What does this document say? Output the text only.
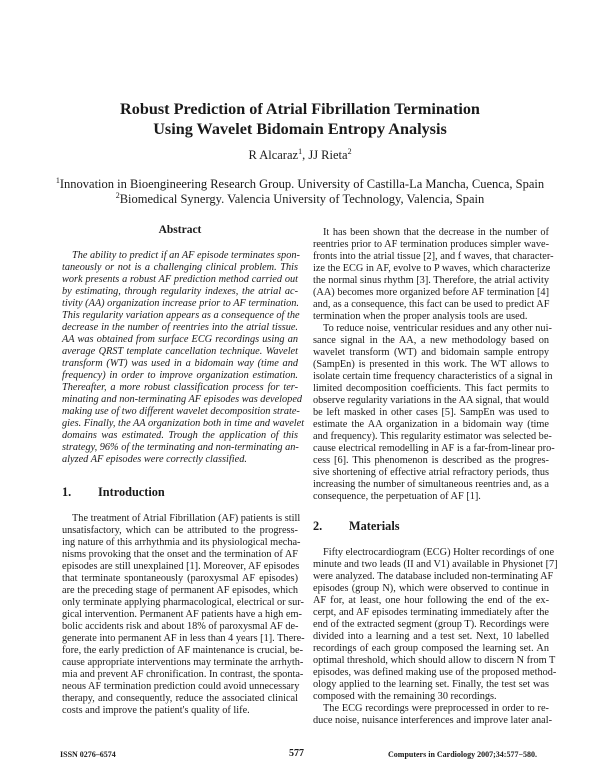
Robust Prediction of Atrial Fibrillation Termination
Using Wavelet Bidomain Entropy Analysis
R Alcaraz$^1$, JJ Rieta$^2$
$^1$Innovation in Bioengineering Research Group. University of Castilla-La Mancha, Cuenca, Spain
$^2$Biomedical Synergy. Valencia University of Technology, Valencia, Spain
Abstract
The ability to predict if an AF episode terminates spon-
taneously or not is a challenging clinical problem. This
work presents a robust AF prediction method carried out
by estimating, through regularity indexes, the atrial ac-
tivity (AA) organization increase prior to AF termination.
This regularity variation appears as a consequence of the
decrease in the number of reentries into the atrial tissue.
AA was obtained from surface ECG recordings using an
average QRST template cancellation technique. Wavelet
transform (WT) was used in a bidomain way (time and
frequency) in order to improve organization estimation.
Thereafter, a more robust classification process for ter-
minating and non-terminating AF episodes was developed
making use of two different wavelet decomposition strate-
gies. Finally, the AA organization both in time and wavelet
domains was estimated. Trough the application of this
strategy, 96% of the terminating and non-terminating an-
alyzed AF episodes were correctly classified.
1. Introduction
The treatment of Atrial Fibrillation (AF) patients is still
unsatisfactory, which can be attributed to the progress-
ing nature of this arrhythmia and its physiological mecha-
nisms provoking that the onset and the termination of AF
episodes are still unexplained [1]. Moreover, AF episodes
that terminate spontaneously (paroxysmal AF episodes)
are the preceding stage of permanent AF episodes, which
only terminate applying pharmacological, electrical or sur-
gical intervention. Permanent AF patients have a high em-
bolic accidents risk and about 18% of paroxysmal AF de-
generate into permanent AF in less than 4 years [1]. There-
fore, the early prediction of AF maintenance is crucial, be-
cause appropriate interventions may terminate the arrhyth-
mia and prevent AF chronification. In contrast, the sponta-
neous AF termination prediction could avoid unnecessary
therapy, and consequently, reduce the associated clinical
costs and improve the patient's quality of life.
It has been shown that the decrease in the number of
reentries prior to AF termination produces simpler wave-
fronts into the atrial tissue [2], and f waves, that character-
ize the ECG in AF, evolve to P waves, which characterize
the normal sinus rhythm [3]. Therefore, the atrial activity
(AA) becomes more organized before AF termination [4]
and, as a consequence, this fact can be used to predict AF
termination when the proper analysis tools are used.
To reduce noise, ventricular residues and any other nui-
sance signal in the AA, a new methodology based on
wavelet transform (WT) and bidomain sample entropy
(SampEn) is presented in this work. The WT allows to
isolate certain time frequency characteristics of a signal in
limited decomposition coefficients. This fact permits to
observe regularity variations in the AA signal, that would
be left masked in other cases [5]. SampEn was used to
estimate the AA organization in a bidomain way (time
and frequency). This regularity estimator was selected be-
cause electrical remodelling in AF is a far-from-linear pro-
cess [6]. This phenomenon is described as the progres-
sive shortening of effective atrial refractory periods, thus
increasing the number of simultaneous reentries and, as a
consequence, the perpetuation of AF [1].
2. Materials
Fifty electrocardiogram (ECG) Holter recordings of one
minute and two leads (II and V1) available in Physionet [7]
were analyzed. The database included non-terminating AF
episodes (group N), which were observed to continue in
AF for, at least, one hour following the end of the ex-
cerpt, and AF episodes terminating immediately after the
end of the extracted segment (group T). Recordings were
divided into a learning and a test set. Next, 10 labelled
recordings of each group composed the learning set. An
optimal threshold, which should allow to discern N from T
episodes, was defined making use of the proposed method-
ology applied to the learning set. Finally, the test set was
composed with the remaining 30 recordings.
The ECG recordings were preprocessed in order to re-
duce noise, nuisance interferences and improve later anal-
ISSN 0276–6574	577	Computers in Cardiology 2007;34:577−580.
